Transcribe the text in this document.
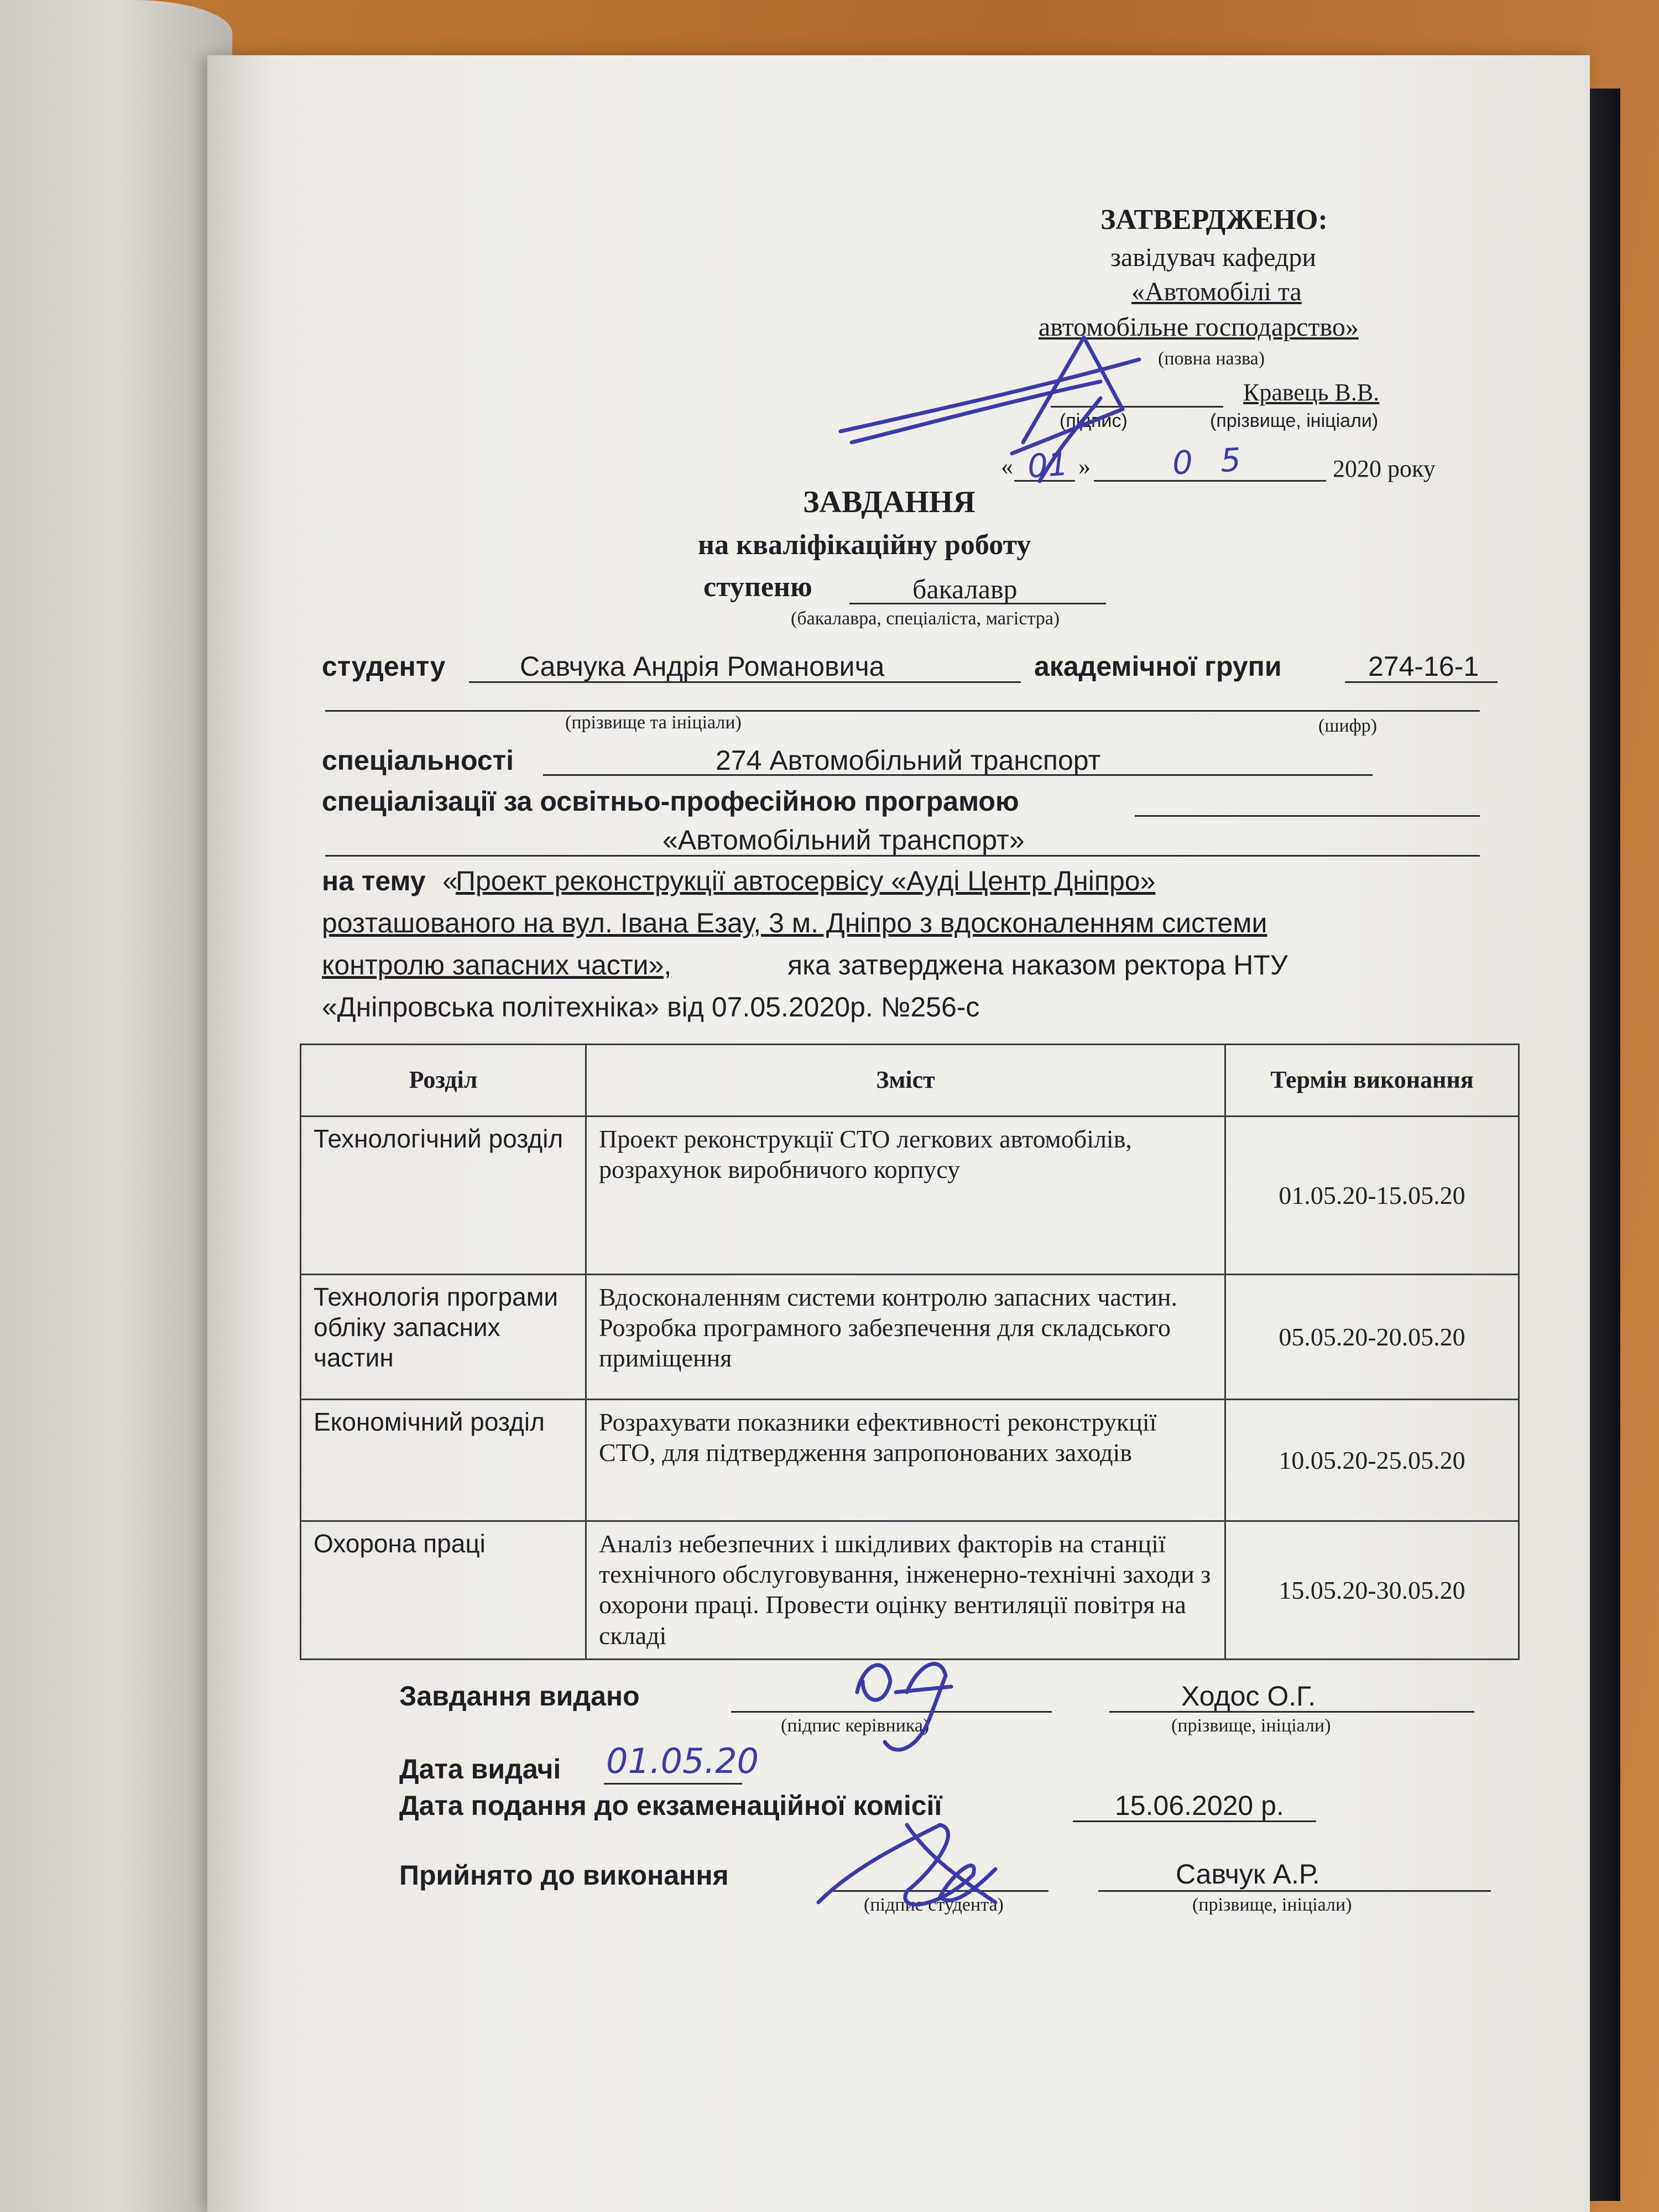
ЗАТВЕРДЖЕНО:
завідувач кафедри
«Автомобілі та
автомобільне господарство»
(повна назва)
Кравець В.В.
(підпис)	(прізвище, ініціали)
«	»	2020 року
ЗАВДАННЯ
на кваліфікаційну роботу
ступеню	бакалавр
(бакалавра, спеціаліста, магістра)
студенту	Савчука Андрія Романовича	академічної групи	274-16-1
(прізвище та ініціали)	(шифр)
спеціальності	274 Автомобільний транспорт
спеціалізації за освітньо-професійною програмою
«Автомобільний транспорт»
на тему «
Проект реконструкції автосервісу «Ауді Центр Дніпро»
розташованого на вул. Івана Езау, 3 м. Дніпро з вдосконаленням системи
контролю запасних части»,	яка затверджена наказом ректора НТУ
«Дніпровська політехніка» від 07.05.2020р. №256-с
Розділ	Зміст	Термін виконання
Технологічний розділ	Проект реконструкції СТО легкових автомобілів, розрахунок виробничого корпусу	01.05.20-15.05.20
Технологія програми обліку запасних частин	Вдосконаленням системи контролю запасних частин. Розробка програмного забезпечення для складського приміщення	05.05.20-20.05.20
Економічний розділ	Розрахувати показники ефективності реконструкції СТО, для підтвердження запропонованих заходів	10.05.20-25.05.20
Охорона праці	Аналіз небезпечних і шкідливих факторів на станції технічного обслуговування, інженерно-технічні заходи з охорони праці. Провести оцінку вентиляції повітря на складі	15.05.20-30.05.20
Завдання видано	Ходос О.Г.
(підпис керівника)	(прізвище, ініціали)
Дата видачі
Дата подання до екзаменаційної комісії	15.06.2020 р.
Прийнято до виконання	Савчук А.Р.
(підпис студента)	(прізвище, ініціали)
01	05
01.05.20
